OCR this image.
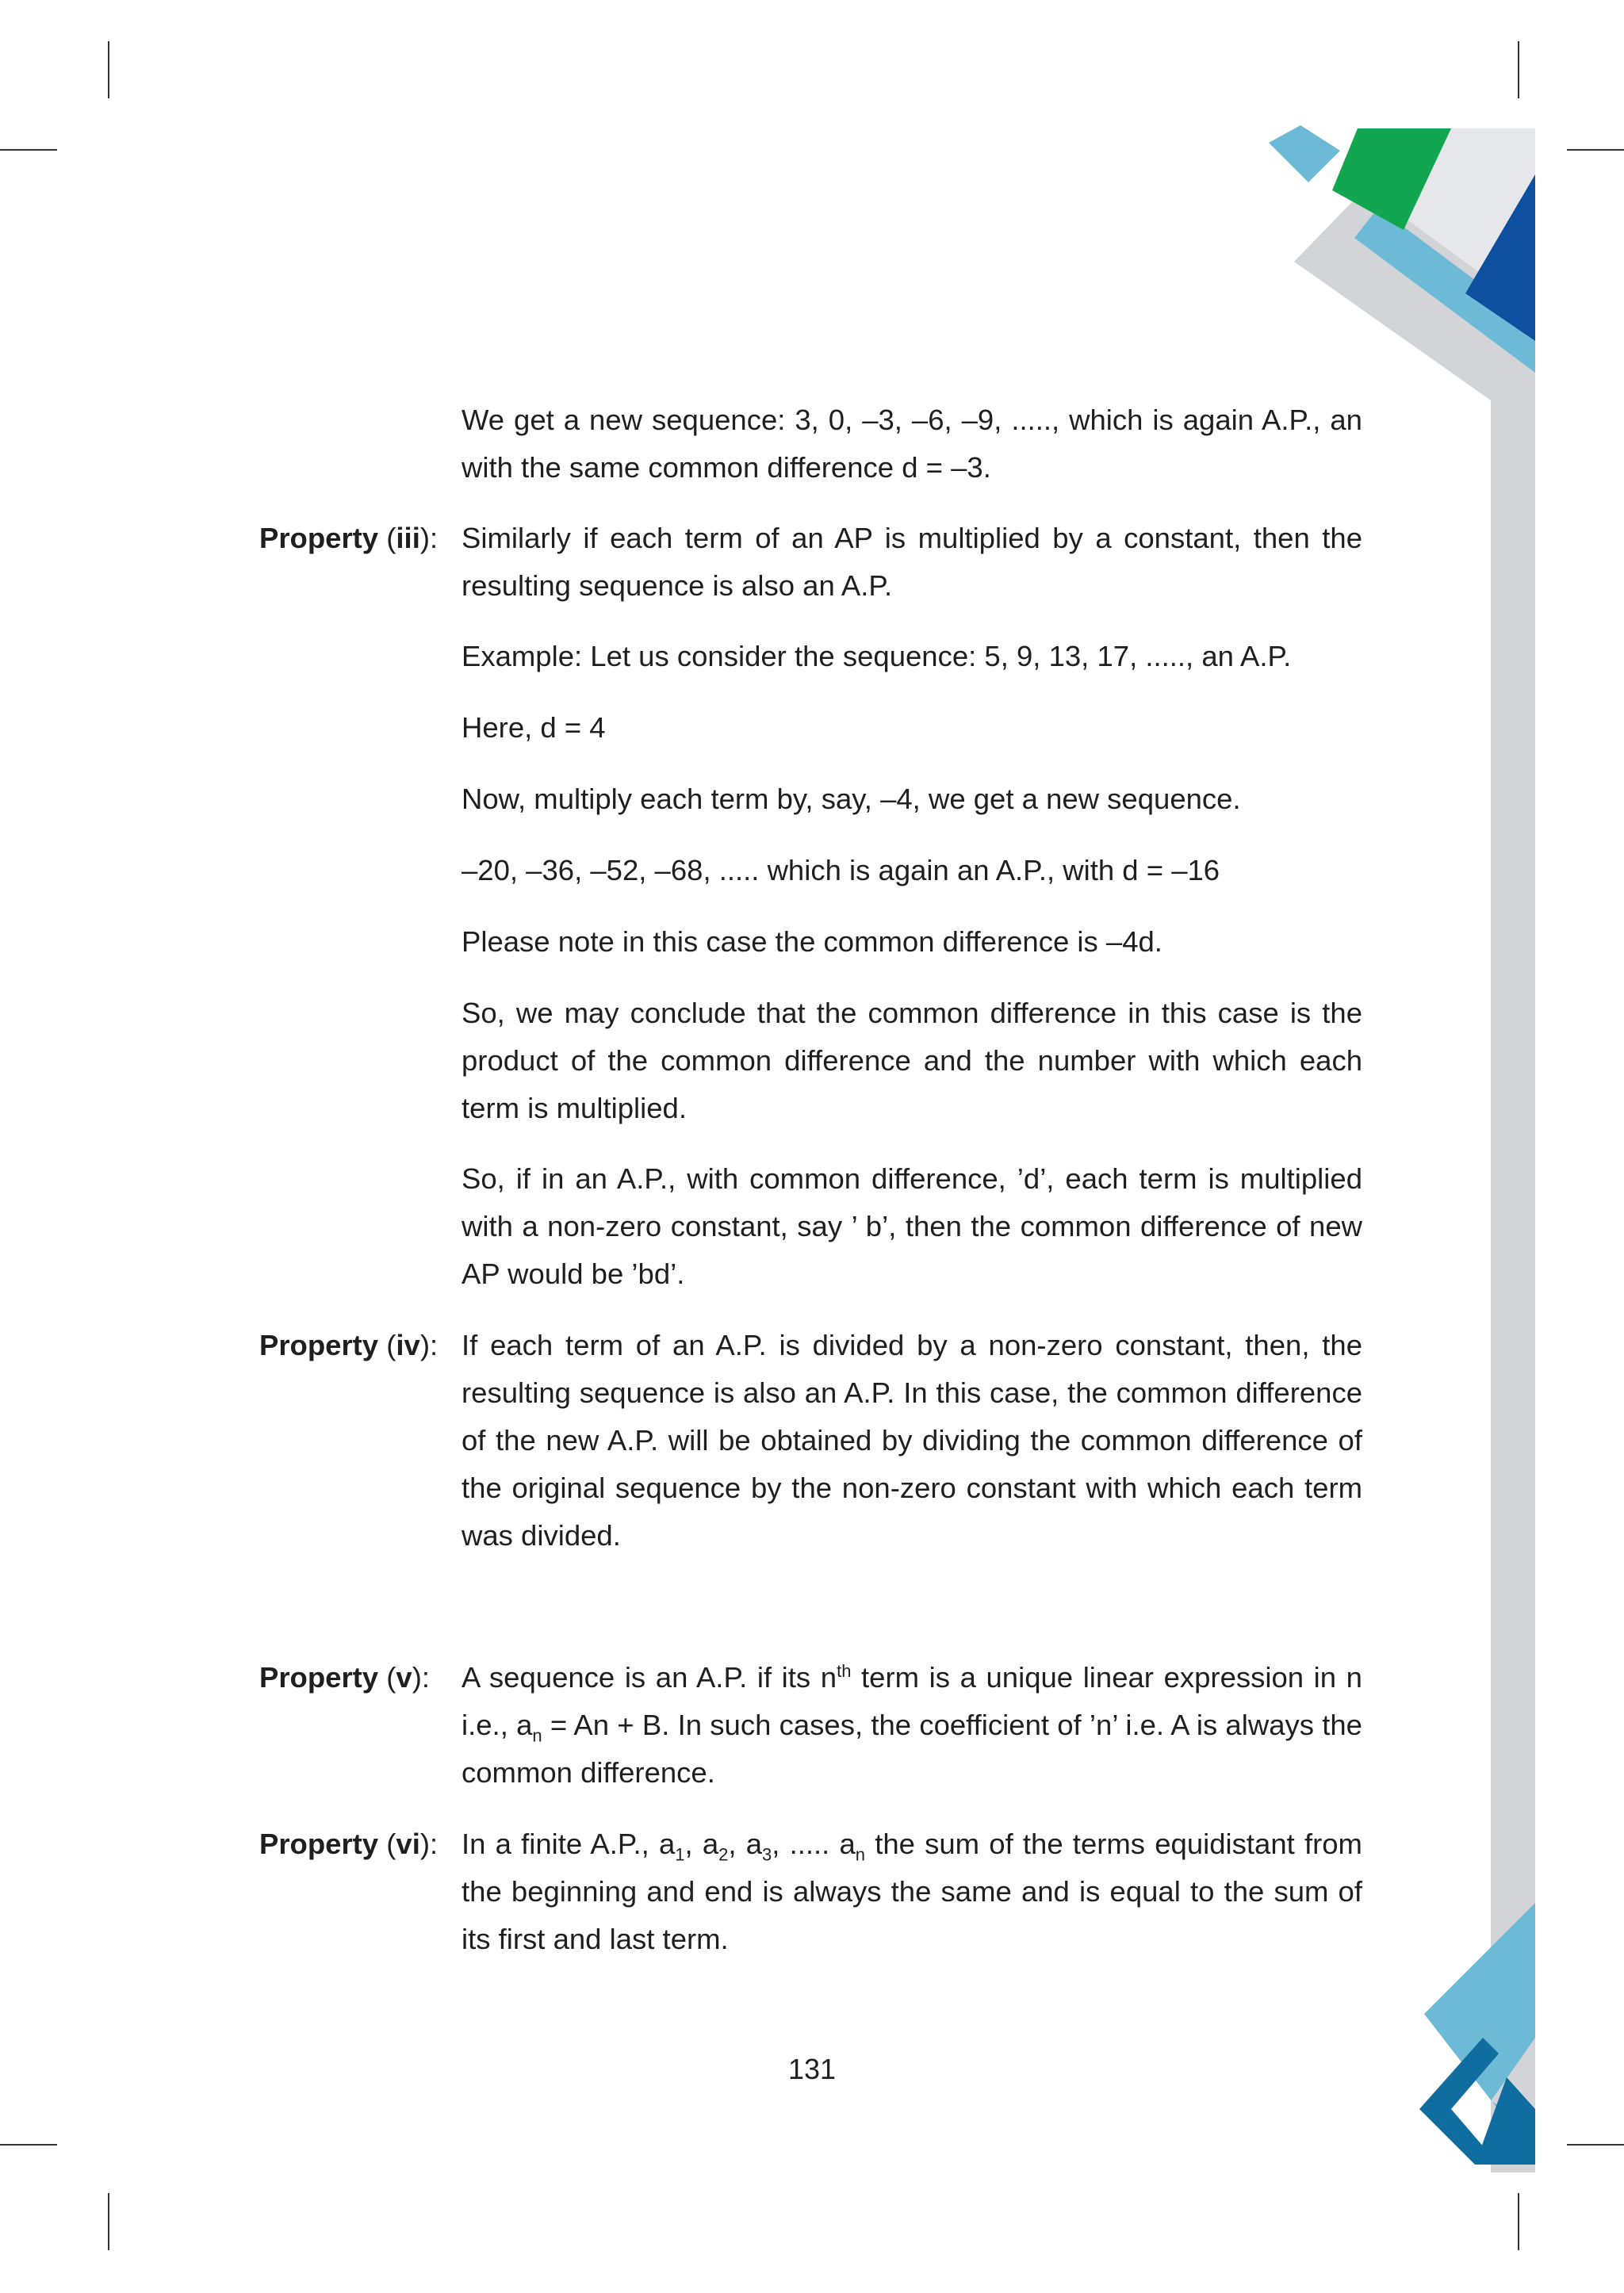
We get a new sequence: 3, 0, –3, –6, –9, ....., which is again A.P., an with the same common difference d = –3.

Property (iii): Similarly if each term of an AP is multiplied by a constant, then the resulting sequence is also an A.P.

Example: Let us consider the sequence: 5, 9, 13, 17, ....., an A.P.

Here, d = 4

Now, multiply each term by, say, –4, we get a new sequence.

–20, –36, –52, –68, ..... which is again an A.P., with d = –16

Please note in this case the common difference is –4d.

So, we may conclude that the common difference in this case is the product of the common difference and the number with which each term is multiplied.

So, if in an A.P., with common difference, ’d’, each term is multiplied with a non-zero constant, say ’ b’, then the common difference of new AP would be ’bd’.

Property (iv): If each term of an A.P. is divided by a non-zero constant, then, the resulting sequence is also an A.P. In this case, the common difference of the new A.P. will be obtained by dividing the common difference of the original sequence by the non-zero constant with which each term was divided.

Property (v): A sequence is an A.P. if its $n^{th}$ term is a unique linear expression in n i.e., $a_n = An + B$. In such cases, the coefficient of ’n’ i.e. A is always the common difference.

Property (vi): In a finite A.P., $a_1$, $a_2$, $a_3$, ..... $a_n$ the sum of the terms equidistant from the beginning and end is always the same and is equal to the sum of its first and last term.

131
